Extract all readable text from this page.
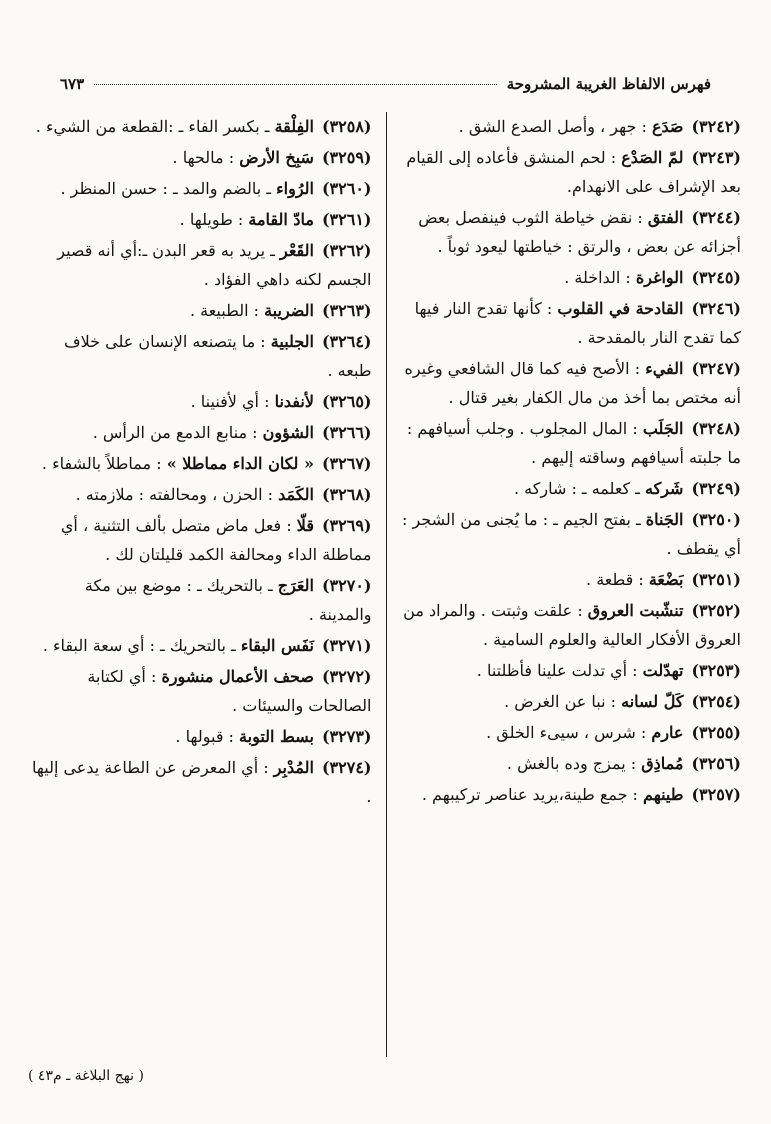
فهرس الالفاظ الغريبة المشروحة
٦٧٣

(٣٢٤٢)صَدَع : جهر ، وأصل الصدع الشق .

(٣٢٤٣)لمّ الصَدْع : لحم المنشق فأعاده إلى القيام بعد الإشراف على الانهدام.

(٣٢٤٤)الفتق : نقض خياطة الثوب فينفصل بعض أجزائه عن بعض ، والرتق : خياطتها ليعود ثوباً .

(٣٢٤٥)الواغرة : الداخلة .

(٣٢٤٦)القادحة في القلوب : كأنها تقدح النار فيها كما تقدح النار بالمقدحة .

(٣٢٤٧)الفيء : الأصح فيه كما قال الشافعي وغيره أنه مختص بما أخذ من مال الكفار بغير قتال .

(٣٢٤٨)الجَلَب : المال المجلوب . وجلب أسيافهم : ما جلبته أسيافهم وساقته إليهم .

(٣٢٤٩)شَركه ـ كعلمه ـ : شاركه .

(٣٢٥٠)الجَناة ـ بفتح الجيم ـ : ما يُجنى من الشجر : أي يقطف .

(٣٢٥١)بَضْعَة : قطعة .

(٣٢٥٢)تنشّبت العروق : علقت وثبتت . والمراد من العروق الأفكار العالية والعلوم السامية .

(٣٢٥٣)تهدّلت : أي تدلت علينا فأظلتنا .

(٣٢٥٤)كَلّ لسانه : نبا عن الغرض .

(٣٢٥٥)عارم : شرس ، سيىء الخلق .

(٣٢٥٦)مُماذِق : يمزج وده بالغش .

(٣٢٥٧)طينهم : جمع طينة،يريد عناصر تركيبهم .

(٣٢٥٨)الفِلْقة ـ بكسر الفاء ـ :القطعة من الشيء .

(٣٢٥٩)سَبِخ الأرض : مالحها .

(٣٢٦٠)الرُواء ـ بالضم والمد ـ : حسن المنظر .

(٣٢٦١)مادّ القامة : طويلها .

(٣٢٦٢)القَعْر ـ يريد به قعر البدن ـ:أي أنه قصير الجسم لكنه داهي الفؤاد .

(٣٢٦٣)الضريبة : الطبيعة .

(٣٢٦٤)الجلبية : ما يتصنعه الإنسان على خلاف طبعه .

(٣٢٦٥)لأنفدنا : أي لأفنينا .

(٣٢٦٦)الشؤون : منابع الدمع من الرأس .

(٣٢٦٧)« لكان الداء مماطلا » : مماطلاً بالشفاء .

(٣٢٦٨)الكَمَد : الحزن ، ومحالفته : ملازمته .

(٣٢٦٩)قلّا : فعل ماض متصل بألف التثنية ، أي مماطلة الداء ومحالفة الكمد قليلتان لك .

(٣٢٧٠)العَرَج ـ بالتحريك ـ : موضع بين مكة والمدينة .

(٣٢٧١)نَفَس البقاء ـ بالتحريك ـ : أي سعة البقاء .

(٣٢٧٢)صحف الأعمال منشورة : أي لكتابة الصالحات والسيئات .

(٣٢٧٣)بسط التوبة : قبولها .

(٣٢٧٤)المُدْبِر : أي المعرض عن الطاعة يدعى إليها .

( نهج البلاغة ـ م٤٣ )
